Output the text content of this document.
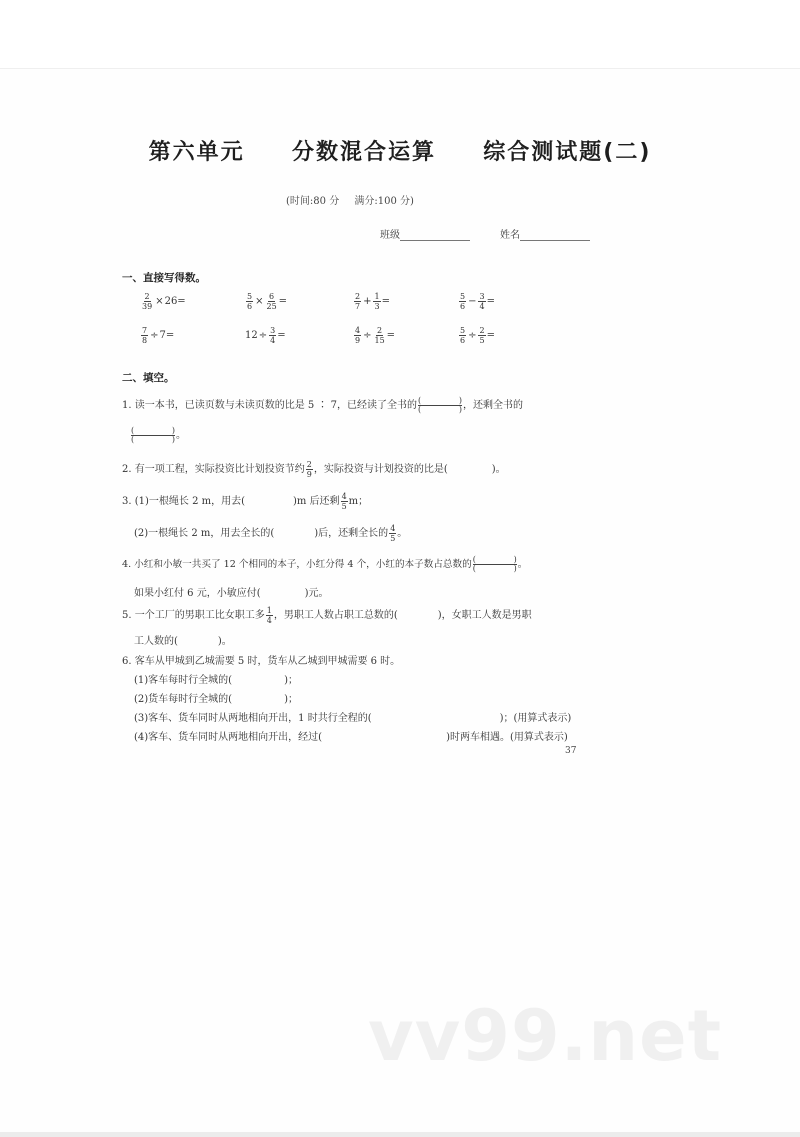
第六单元 分数混合运算 综合测试题(二)
(时间:80 分 满分:100 分)
班级	姓名
一、直接写得数。
$\frac{2}{39} \times 26=$	$\frac{5}{6} \times \frac{6}{25}$ =	$\frac{2}{7} + \frac{1}{3}$ =	$\frac{5}{6} - \frac{3}{4}$ =
$\frac{7}{8} \div 7=$	$12\div \frac{3}{4}$ =	$\frac{4}{9} \div \frac{2}{15}$ =	$\frac{5}{6} \div \frac{2}{5}$ =
二、填空。
1. 读一本书，已读页数与未读页数的比是 5 ∶ 7，已经读了全书的 (	)
(	) ，还剩全书的
(	)
(	) 。
2. 有一项工程，实际投资比计划投资节约 $\frac{2}{9}$ ，实际投资与计划投资的比是(	)。
3. (1)一根绳长 2 m，用去(	)m 后还剩 $\frac{4}{5}$ m；
(2)一根绳长 2 m，用去全长的(	)后，还剩全长的 $\frac{4}{5}$ 。
4. 小红和小敏一共买了 12 个相同的本子，小红分得 4 个，小红的本子数占总数的 (	)
(	) 。
如果小红付 6 元，小敏应付(	)元。
5. 一个工厂的男职工比女职工多 $\frac{1}{4}$ ，男职工人数占职工总数的(	)，女职工人数是男职
工人数的(	)。
6. 客车从甲城到乙城需要 5 时，货车从乙城到甲城需要 6 时。
(1)客车每时行全城的(	)；
(2)货车每时行全城的(	)；
(3)客车、货车同时从两地相向开出，1 时共行全程的(	)；(用算式表示)
(4)客车、货车同时从两地相向开出，经过(	)时两车相遇。(用算式表示)
37
vv99.net
